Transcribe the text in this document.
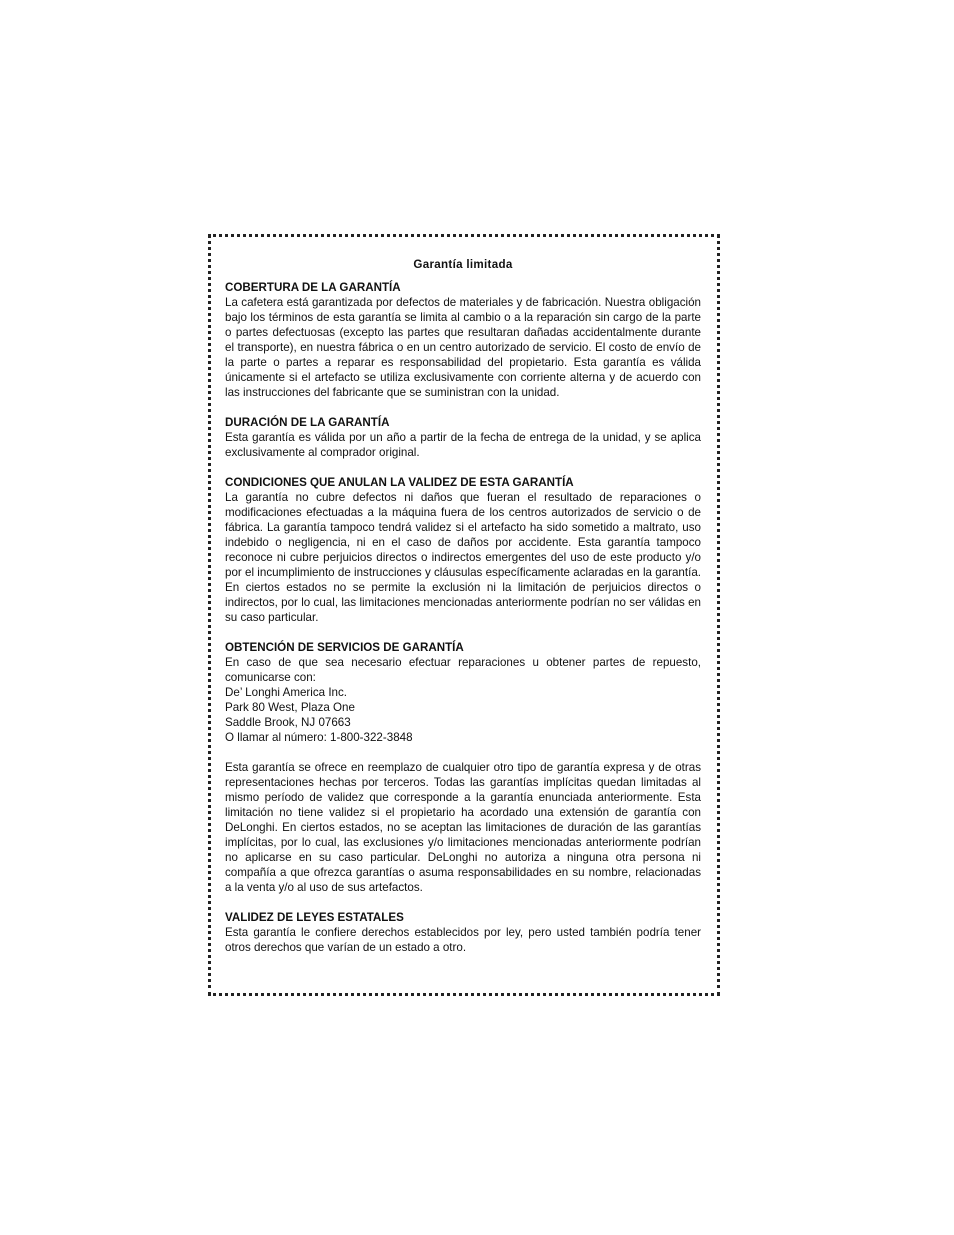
Garantía limitada

COBERTURA DE LA GARANTÍA

La cafetera está garantizada por defectos de materiales y de fabricación. Nuestra obligación bajo los términos de esta garantía se limita al cambio o a la reparación sin cargo de la parte o partes defectuosas (excepto las partes que resultaran dañadas accidentalmente durante el transporte), en nuestra fábrica o en un centro autorizado de servicio. El costo de envío de la parte o partes a reparar es responsabilidad del propietario. Esta garantía es válida únicamente si el artefacto se utiliza exclusivamente con corriente alterna y de acuerdo con las instrucciones del fabricante que se suministran con la unidad.

DURACIÓN DE LA GARANTÍA

Esta garantía es válida por un año a partir de la fecha de entrega de la unidad, y se aplica exclusivamente al comprador original.

CONDICIONES QUE ANULAN LA VALIDEZ DE ESTA GARANTÍA

La garantía no cubre defectos ni daños que fueran el resultado de reparaciones o modificaciones efectuadas a la máquina fuera de los centros autorizados de servicio o de fábrica. La garantía tampoco tendrá validez si el artefacto ha sido sometido a maltrato, uso indebido o negligencia, ni en el caso de daños por accidente. Esta garantía tampoco reconoce ni cubre perjuicios directos o indirectos emergentes del uso de este producto y/o por el incumplimiento de instrucciones y cláusulas específicamente aclaradas en la garantía. En ciertos estados no se permite la exclusión ni la limitación de perjuicios directos o indirectos, por lo cual, las limitaciones mencionadas anteriormente podrían no ser válidas en su caso particular.

OBTENCIÓN DE SERVICIOS DE GARANTÍA

En caso de que sea necesario efectuar reparaciones u obtener partes de repuesto, comunicarse con:

De’ Longhi America Inc.

Park 80 West, Plaza One

Saddle Brook, NJ 07663

O llamar al número: 1-800-322-3848

Esta garantía se ofrece en reemplazo de cualquier otro tipo de garantía expresa y de otras representaciones hechas por terceros. Todas las garantías implícitas quedan limitadas al mismo período de validez que corresponde a la garantía enunciada anteriormente. Esta limitación no tiene validez si el propietario ha acordado una extensión de garantía con DeLonghi. En ciertos estados, no se aceptan las limitaciones de duración de las garantías implícitas, por lo cual, las exclusiones y/o limitaciones mencionadas anteriormente podrían no aplicarse en su caso particular. DeLonghi no autoriza a ninguna otra persona ni compañía a que ofrezca garantías o asuma responsabilidades en su nombre, relacionadas a la venta y/o al uso de sus artefactos.

VALIDEZ DE LEYES ESTATALES

Esta garantía le confiere derechos establecidos por ley, pero usted también podría tener otros derechos que varían de un estado a otro.
